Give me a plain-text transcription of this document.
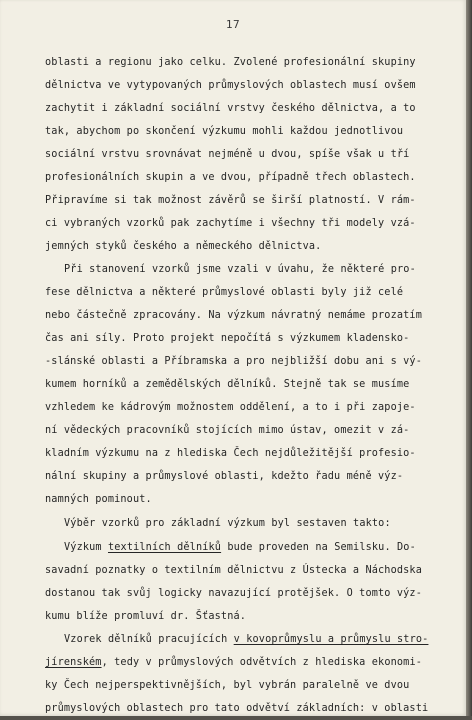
17
oblasti a regionu jako celku. Zvolené profesionální skupiny
dělnictva ve vytypovaných průmyslových oblastech musí ovšem
zachytit i základní sociální vrstvy českého dělnictva, a to
tak, abychom po skončení výzkumu mohli každou jednotlivou
sociální vrstvu srovnávat nejméně u dvou, spíše však u tří
profesionálních skupin a ve dvou, případně třech oblastech.
Připravíme si tak možnost závěrů se širší platností. V rám-
ci vybraných vzorků pak zachytíme i všechny tři modely vzá-
jemných styků českého a německého dělnictva.
Při stanovení vzorků jsme vzali v úvahu, že některé pro-
fese dělnictva a některé průmyslové oblasti byly již celé
nebo částečně zpracovány. Na výzkum návratný nemáme prozatím
čas ani síly. Proto projekt nepočítá s výzkumem kladensko-
-slánské oblasti a Příbramska a pro nejbližší dobu ani s vý-
kumem horníků a zemědělských dělníků. Stejně tak se musíme
vzhledem ke kádrovým možnostem oddělení, a to i při zapoje-
ní vědeckých pracovníků stojících mimo ústav, omezit v zá-
kladním výzkumu na z hlediska Čech nejdůležitější profesio-
nální skupiny a průmyslové oblasti, kdežto řadu méně výz-
namných pominout.
Výběr vzorků pro základní výzkum byl sestaven takto:
Výzkum textilních dělníků bude proveden na Semilsku. Do-
savadní poznatky o textilním dělnictvu z Ústecka a Náchodska
dostanou tak svůj logicky navazující protějšek. O tomto výz-
kumu blíže promluví dr. Šťastná.
Vzorek dělníků pracujících v kovoprůmyslu a průmyslu stro-
jírenském, tedy v průmyslových odvětvích z hlediska ekonomi-
ky Čech nejperspektivnějších, byl vybrán paralelně ve dvou
průmyslových oblastech pro tato odvětví základních: v oblasti
